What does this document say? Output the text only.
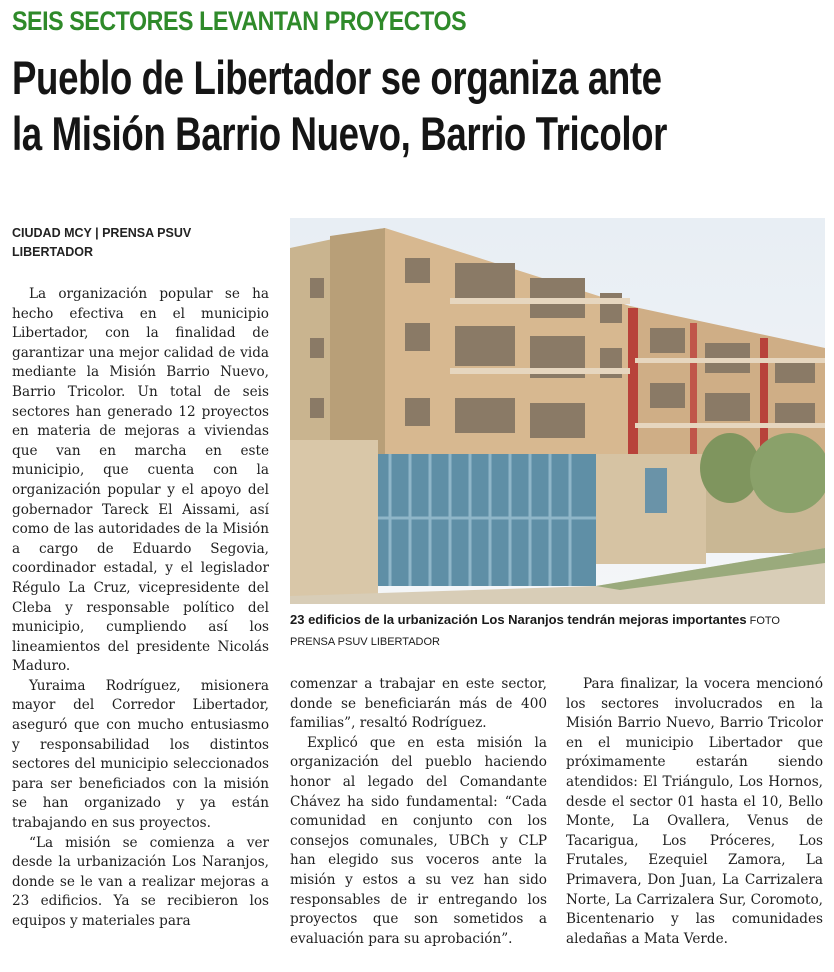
SEIS SECTORES LEVANTAN PROYECTOS
Pueblo de Libertador se organiza ante
la Misión Barrio Nuevo, Barrio Tricolor
CIUDAD MCY | PRENSA PSUV
LIBERTADOR
23 edificios de la urbanización Los Naranjos tendrán mejoras importantes FOTO PRENSA PSUV LIBERTADOR

La organización popular se ha hecho efectiva en el municipio Libertador, con la finalidad de garantizar una mejor calidad de vida mediante la Misión Barrio Nuevo, Barrio Tricolor. Un total de seis sectores han generado 12 proyectos en materia de mejoras a viviendas que van en marcha en este municipio, que cuenta con la organización popular y el apoyo del gobernador Tareck El Aissami, así como de las autoridades de la Misión a cargo de Eduardo Segovia, coordinador estadal, y el legislador Régulo La Cruz, vicepresidente del Cleba y responsable político del municipio, cumpliendo así los lineamientos del presidente Nicolás Maduro.

Yuraima Rodríguez, misionera mayor del Corredor Libertador, aseguró que con mucho entusiasmo y responsabilidad los distintos sectores del municipio seleccionados para ser beneficiados con la misión se han organizado y ya están trabajando en sus proyectos.

“La misión se comienza a ver desde la urbanización Los Naranjos, donde se le van a realizar mejoras a 23 edificios. Ya se recibieron los equipos y materiales para

comenzar a trabajar en este sector, donde se beneficiarán más de 400 familias”, resaltó Rodríguez.

Explicó que en esta misión la organización del pueblo haciendo honor al legado del Comandante Chávez ha sido fundamental: “Cada comunidad en conjunto con los consejos comunales, UBCh y CLP han elegido sus voceros ante la misión y estos a su vez han sido responsables de ir entregando los proyectos que son sometidos a evaluación para su aprobación”.

Para finalizar, la vocera mencionó los sectores involucrados en la Misión Barrio Nuevo, Barrio Tricolor en el municipio Libertador que próximamente estarán siendo atendidos: El Triángulo, Los Hornos, desde el sector 01 hasta el 10, Bello Monte, La Ovallera, Venus de Tacarigua, Los Próceres, Los Frutales, Ezequiel Zamora, La Primavera, Don Juan, La Carrizalera Norte, La Carrizalera Sur, Coromoto, Bicentenario y las comunidades aledañas a Mata Verde.
